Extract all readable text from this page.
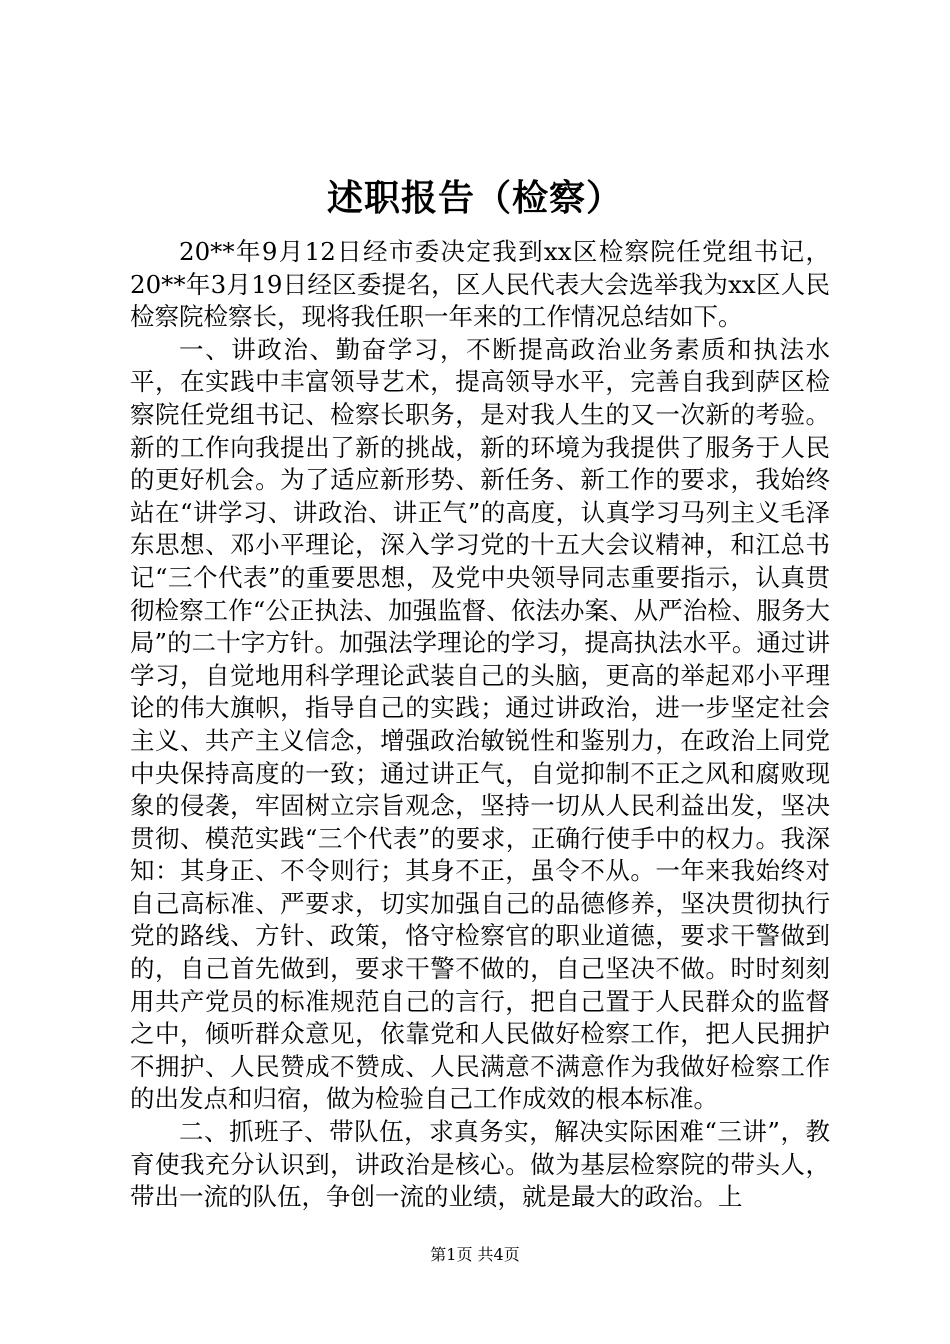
述职报告（检察）

20**年9月12日经市委决定我到xx区检察院任党组书记，20**年3月19日经区委提名，区人民代表大会选举我为xx区人民检察院检察长，现将我任职一年来的工作情况总结如下。

一、讲政治、勤奋学习，不断提高政治业务素质和执法水平，在实践中丰富领导艺术，提高领导水平，完善自我到萨区检察院任党组书记、检察长职务，是对我人生的又一次新的考验。新的工作向我提出了新的挑战，新的环境为我提供了服务于人民的更好机会。为了适应新形势、新任务、新工作的要求，我始终站在“讲学习、讲政治、讲正气”的高度，认真学习马列主义毛泽东思想、邓小平理论，深入学习党的十五大会议精神，和江总书记“三个代表”的重要思想，及党中央领导同志重要指示，认真贯彻检察工作“公正执法、加强监督、依法办案、从严治检、服务大局”的二十字方针。加强法学理论的学习，提高执法水平。通过讲学习，自觉地用科学理论武装自己的头脑，更高的举起邓小平理论的伟大旗帜，指导自己的实践；通过讲政治，进一步坚定社会主义、共产主义信念，增强政治敏锐性和鉴别力，在政治上同党中央保持高度的一致；通过讲正气，自觉抑制不正之风和腐败现象的侵袭，牢固树立宗旨观念，坚持一切从人民利益出发，坚决贯彻、模范实践“三个代表”的要求，正确行使手中的权力。我深知：其身正、不令则行；其身不正，虽令不从。一年来我始终对自己高标准、严要求，切实加强自己的品德修养，坚决贯彻执行党的路线、方针、政策，恪守检察官的职业道德，要求干警做到的，自己首先做到，要求干警不做的，自己坚决不做。时时刻刻用共产党员的标准规范自己的言行，把自己置于人民群众的监督之中，倾听群众意见，依靠党和人民做好检察工作，把人民拥护不拥护、人民赞成不赞成、人民满意不满意作为我做好检察工作的出发点和归宿，做为检验自己工作成效的根本标准。

二、抓班子、带队伍，求真务实，解决实际困难“三讲”，教育使我充分认识到，讲政治是核心。做为基层检察院的带头人，带出一流的队伍，争创一流的业绩，就是最大的政治。上

第1页 共4页
